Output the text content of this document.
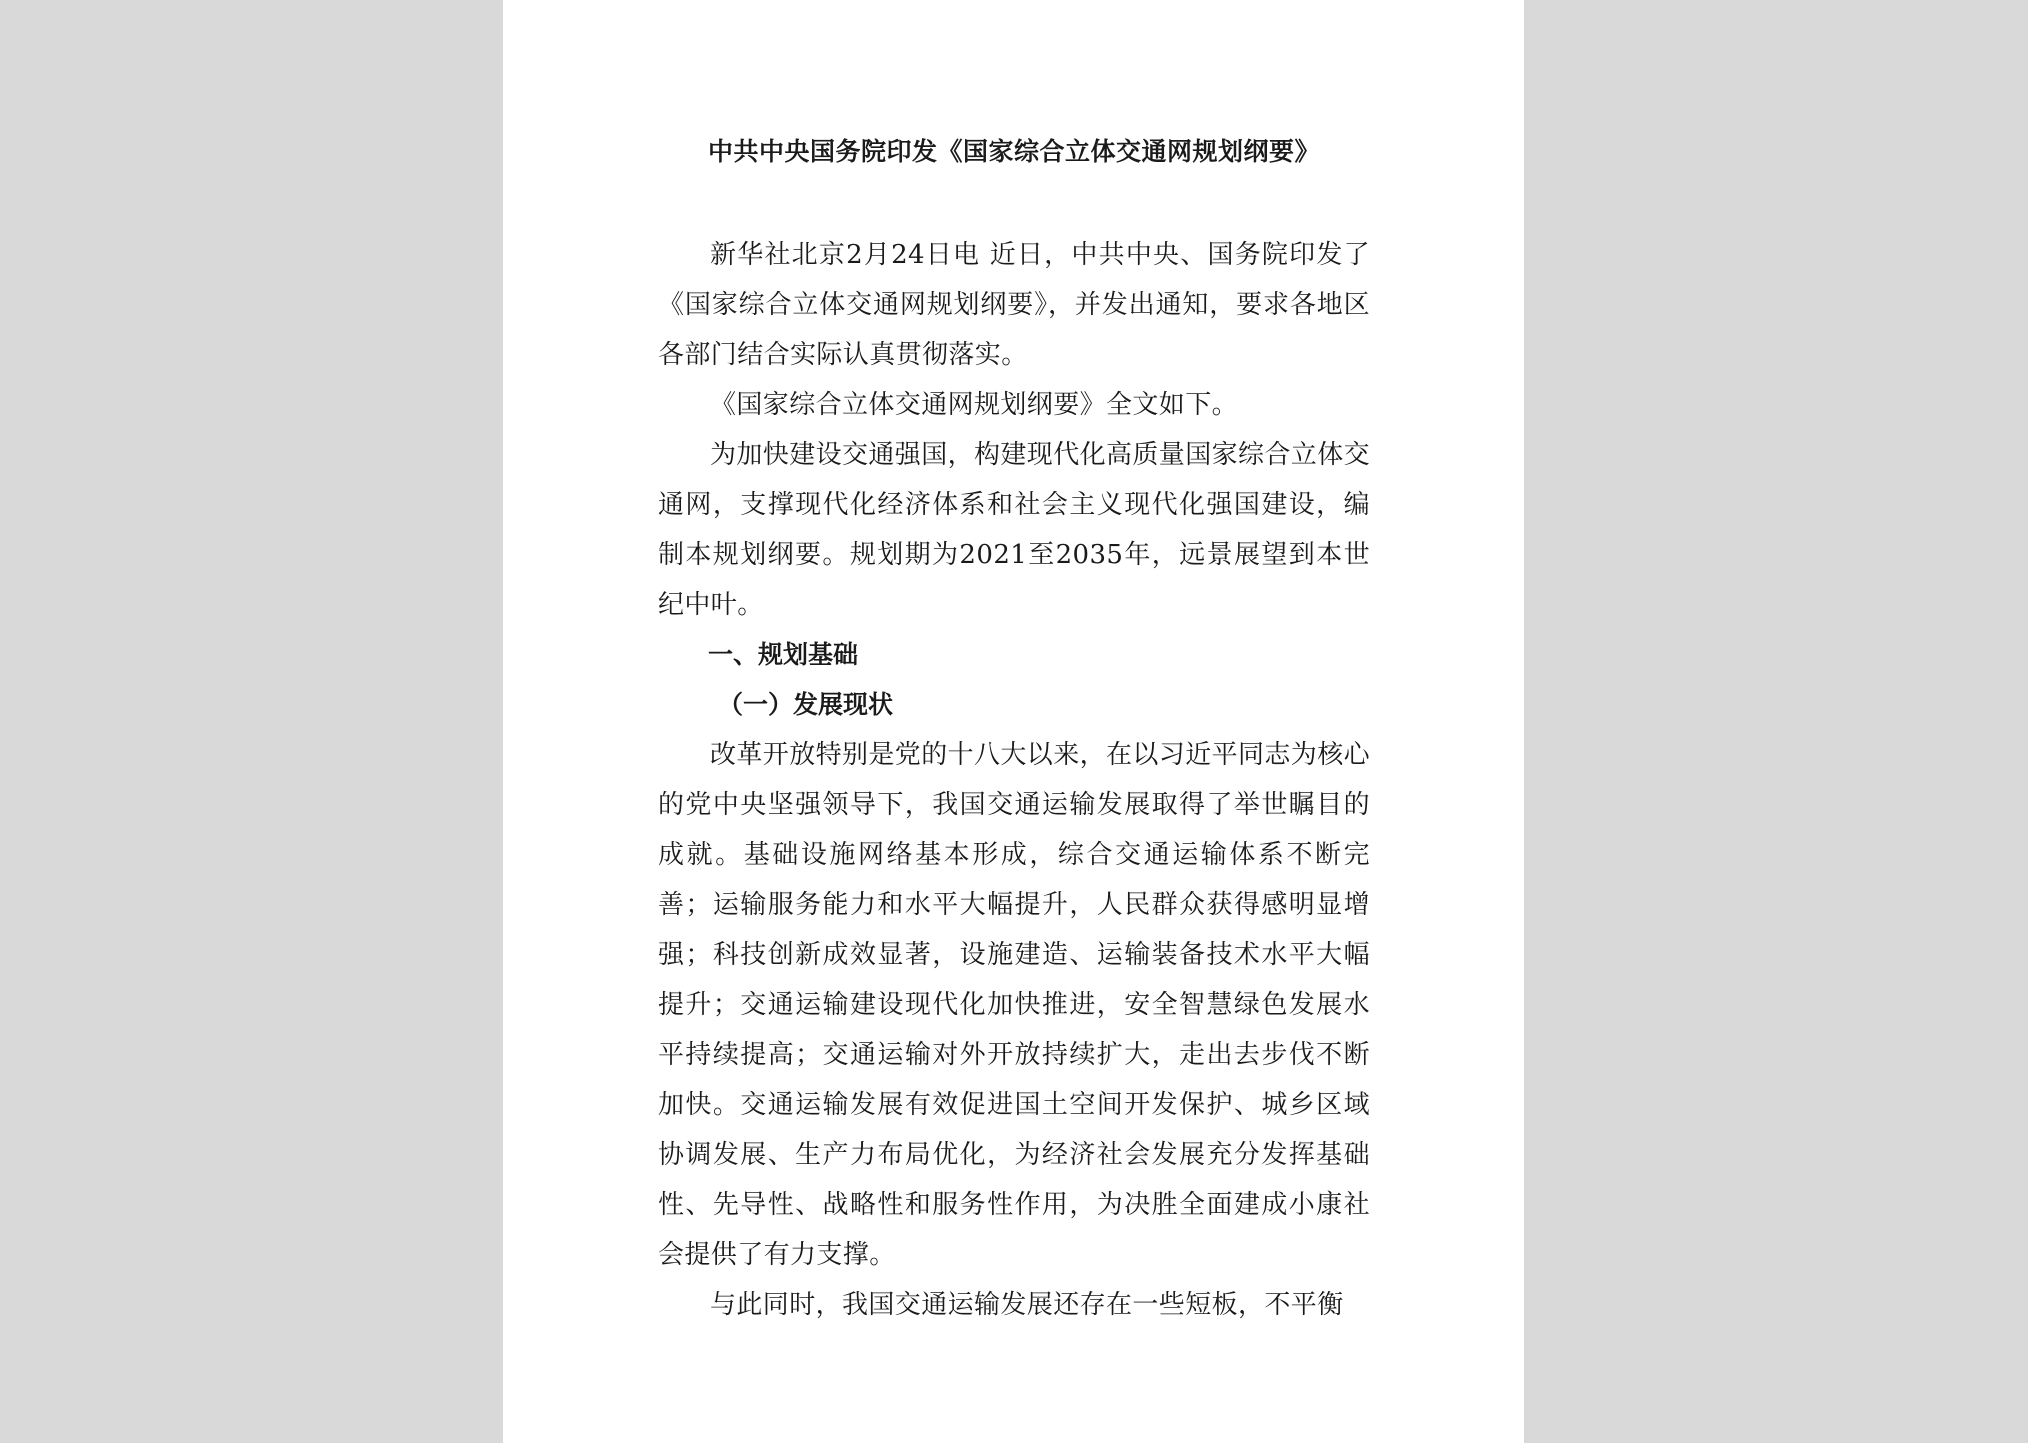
中共中央国务院印发《国家综合立体交通网规划纲要》

新华社北京2月24日电 近日，中共中央、国务院印发了《国家综合立体交通网规划纲要》，并发出通知，要求各地区各部门结合实际认真贯彻落实。

《国家综合立体交通网规划纲要》全文如下。

为加快建设交通强国，构建现代化高质量国家综合立体交通网，支撑现代化经济体系和社会主义现代化强国建设，编制本规划纲要。规划期为2021至2035年，远景展望到本世纪中叶。

一、规划基础

（一）发展现状

改革开放特别是党的十八大以来，在以习近平同志为核心的党中央坚强领导下，我国交通运输发展取得了举世瞩目的成就。基础设施网络基本形成，综合交通运输体系不断完善；运输服务能力和水平大幅提升，人民群众获得感明显增强；科技创新成效显著，设施建造、运输装备技术水平大幅提升；交通运输建设现代化加快推进，安全智慧绿色发展水平持续提高；交通运输对外开放持续扩大，走出去步伐不断加快。交通运输发展有效促进国土空间开发保护、城乡区域协调发展、生产力布局优化，为经济社会发展充分发挥基础性、先导性、战略性和服务性作用，为决胜全面建成小康社会提供了有力支撑。

与此同时，我国交通运输发展还存在一些短板，不平衡
